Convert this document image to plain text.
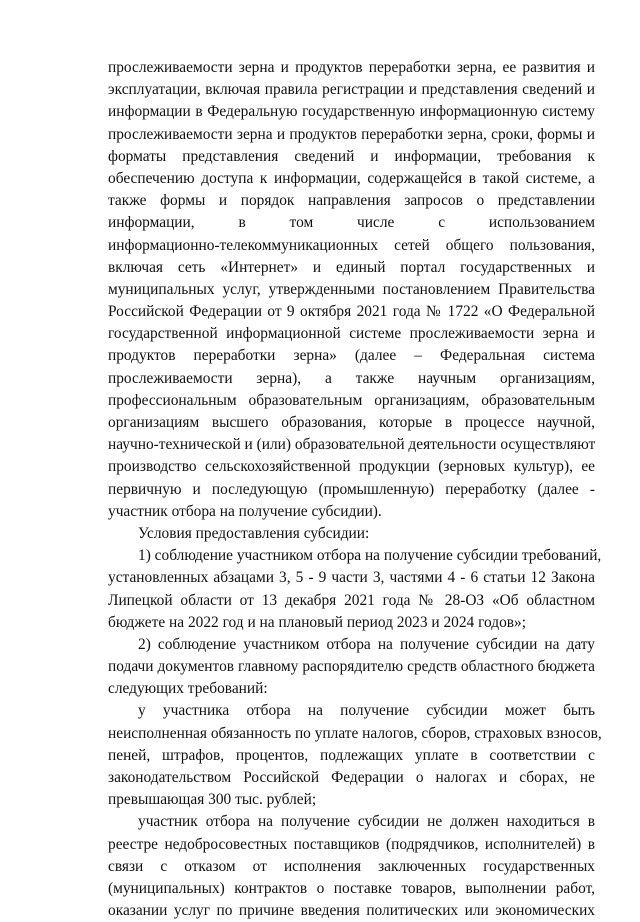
прослеживаемости зерна и продуктов переработки зерна, ее развития и
эксплуатации, включая правила регистрации и представления сведений и
информации в Федеральную государственную информационную систему
прослеживаемости зерна и продуктов переработки зерна, сроки, формы и
форматы представления сведений и информации, требования к
обеспечению доступа к информации, содержащейся в такой системе, а
также формы и порядок направления запросов о представлении
информации, в том числе с использованием
информационно-телекоммуникационных сетей общего пользования,
включая сеть «Интернет» и единый портал государственных и
муниципальных услуг, утвержденными постановлением Правительства
Российской Федерации от 9 октября 2021 года № 1722 «О Федеральной
государственной информационной системе прослеживаемости зерна и
продуктов переработки зерна» (далее – Федеральная система
прослеживаемости зерна), а также научным организациям,
профессиональным образовательным организациям, образовательным
организациям высшего образования, которые в процессе научной,
научно-технической и (или) образовательной деятельности осуществляют
производство сельскохозяйственной продукции (зерновых культур), ее
первичную и последующую (промышленную) переработку (далее -
участник отбора на получение субсидии).
Условия предоставления субсидии:
1) соблюдение участником отбора на получение субсидии требований,
установленных абзацами 3, 5 - 9 части 3, частями 4 - 6 статьи 12 Закона
Липецкой области от 13 декабря 2021 года № 28-ОЗ «Об областном
бюджете на 2022 год и на плановый период 2023 и 2024 годов»;
2) соблюдение участником отбора на получение субсидии на дату
подачи документов главному распорядителю средств областного бюджета
следующих требований:
у участника отбора на получение субсидии может быть
неисполненная обязанность по уплате налогов, сборов, страховых взносов,
пеней, штрафов, процентов, подлежащих уплате в соответствии с
законодательством Российской Федерации о налогах и сборах, не
превышающая 300 тыс. рублей;
участник отбора на получение субсидии не должен находиться в
реестре недобросовестных поставщиков (подрядчиков, исполнителей) в
связи с отказом от исполнения заключенных государственных
(муниципальных) контрактов о поставке товаров, выполнении работ,
оказании услуг по причине введения политических или экономических
